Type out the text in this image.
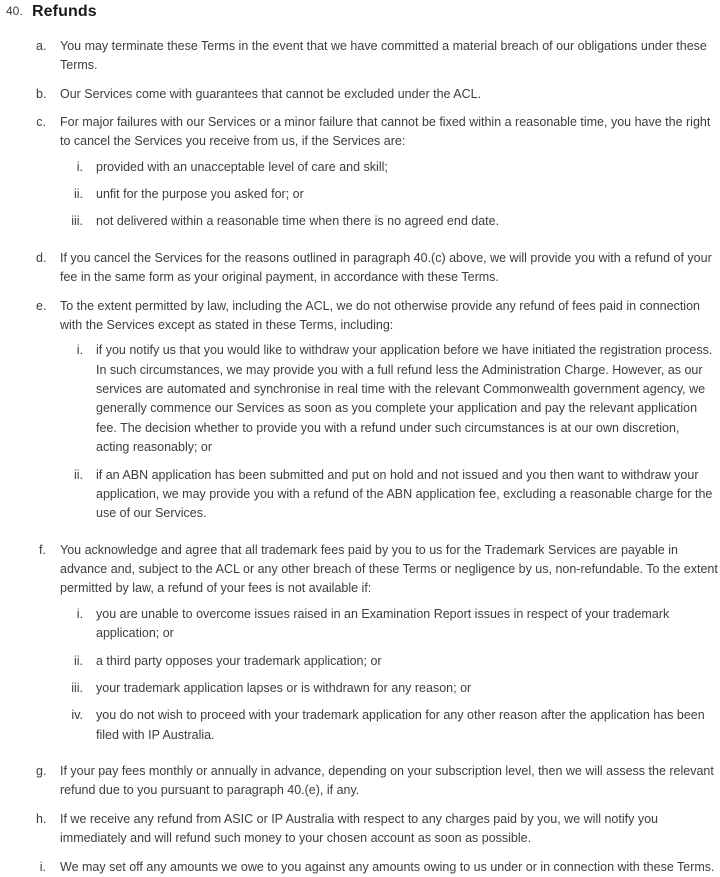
40. Refunds
a.	You may terminate these Terms in the event that we have committed a material breach of our obligations under these Terms.

b.	Our Services come with guarantees that cannot be excluded under the ACL.

c.	For major failures with our Services or a minor failure that cannot be fixed within a reasonable time, you have the right to cancel the Services you receive from us, if the Services are:

i.	provided with an unacceptable level of care and skill;
ii.	unfit for the purpose you asked for; or
iii.	not delivered within a reasonable time when there is no agreed end date.
d.	If you cancel the Services for the reasons outlined in paragraph 40.(c) above, we will provide you with a refund of your fee in the same form as your original payment, in accordance with these Terms.

e.	To the extent permitted by law, including the ACL, we do not otherwise provide any refund of fees paid in connection with the Services except as stated in these Terms, including:

i.	if you notify us that you would like to withdraw your application before we have initiated the registration process. In such circumstances, we may provide you with a full refund less the Administration Charge. However, as our services are automated and synchronise in real time with the relevant Commonwealth government agency, we generally commence our Services as soon as you complete your application and pay the relevant application fee. The decision whether to provide you with a refund under such circumstances is at our own discretion, acting reasonably; or
ii.	if an ABN application has been submitted and put on hold and not issued and you then want to withdraw your application, we may provide you with a refund of the ABN application fee, excluding a reasonable charge for the use of our Services.
f.	You acknowledge and agree that all trademark fees paid by you to us for the Trademark Services are payable in advance and, subject to the ACL or any other breach of these Terms or negligence by us, non-refundable. To the extent permitted by law, a refund of your fees is not available if:

i.	you are unable to overcome issues raised in an Examination Report issues in respect of your trademark application; or
ii.	a third party opposes your trademark application; or
iii.	your trademark application lapses or is withdrawn for any reason; or
iv.	you do not wish to proceed with your trademark application for any other reason after the application has been filed with IP Australia.
g.	If your pay fees monthly or annually in advance, depending on your subscription level, then we will assess the relevant refund due to you pursuant to paragraph 40.(e), if any.

h.	If we receive any refund from ASIC or IP Australia with respect to any charges paid by you, we will notify you immediately and will refund such money to your chosen account as soon as possible.

i.	We may set off any amounts we owe to you against any amounts owing to us under or in connection with these Terms.
